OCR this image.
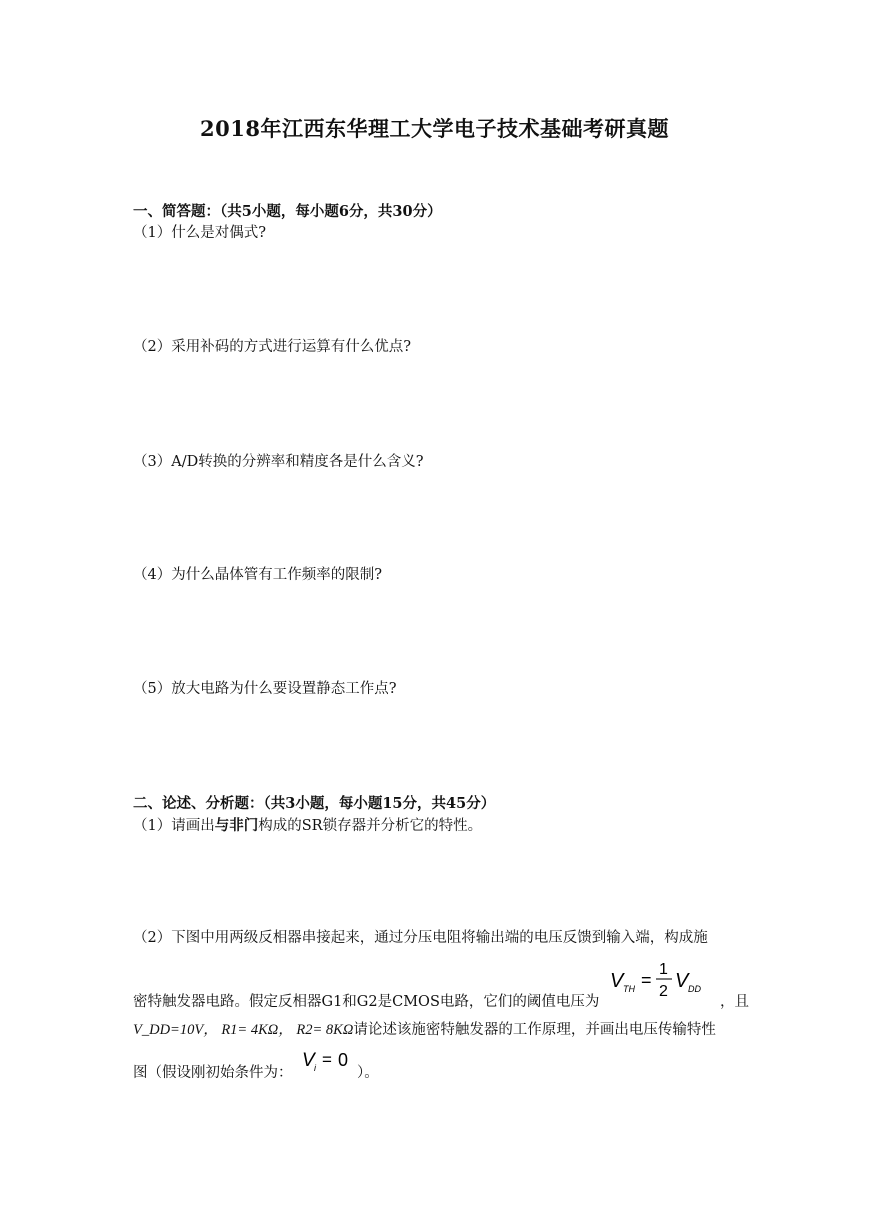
2018年江西东华理工大学电子技术基础考研真题
一、简答题：（共5小题，每小题6分，共30分）
（1）什么是对偶式?
（2）采用补码的方式进行运算有什么优点?
（3）A/D转换的分辨率和精度各是什么含义?
（4）为什么晶体管有工作频率的限制?
（5）放大电路为什么要设置静态工作点?
二、论述、分析题：（共3小题，每小题15分，共45分）
（1）请画出与非门构成的SR锁存器并分析它的特性。
（2）下图中用两级反相器串接起来，通过分压电阻将输出端的电压反馈到输入端，构成施
密特触发器电路。假定反相器G1和G2是CMOS电路，它们的阈值电压为
V TH =
1
2 V DD
，且
V_DD=10V， R1= 4KΩ， R2= 8KΩ请论述该施密特触发器的工作原理，并画出电压传输特性
图（假设刚初始条件为：
V i = 0
）。
